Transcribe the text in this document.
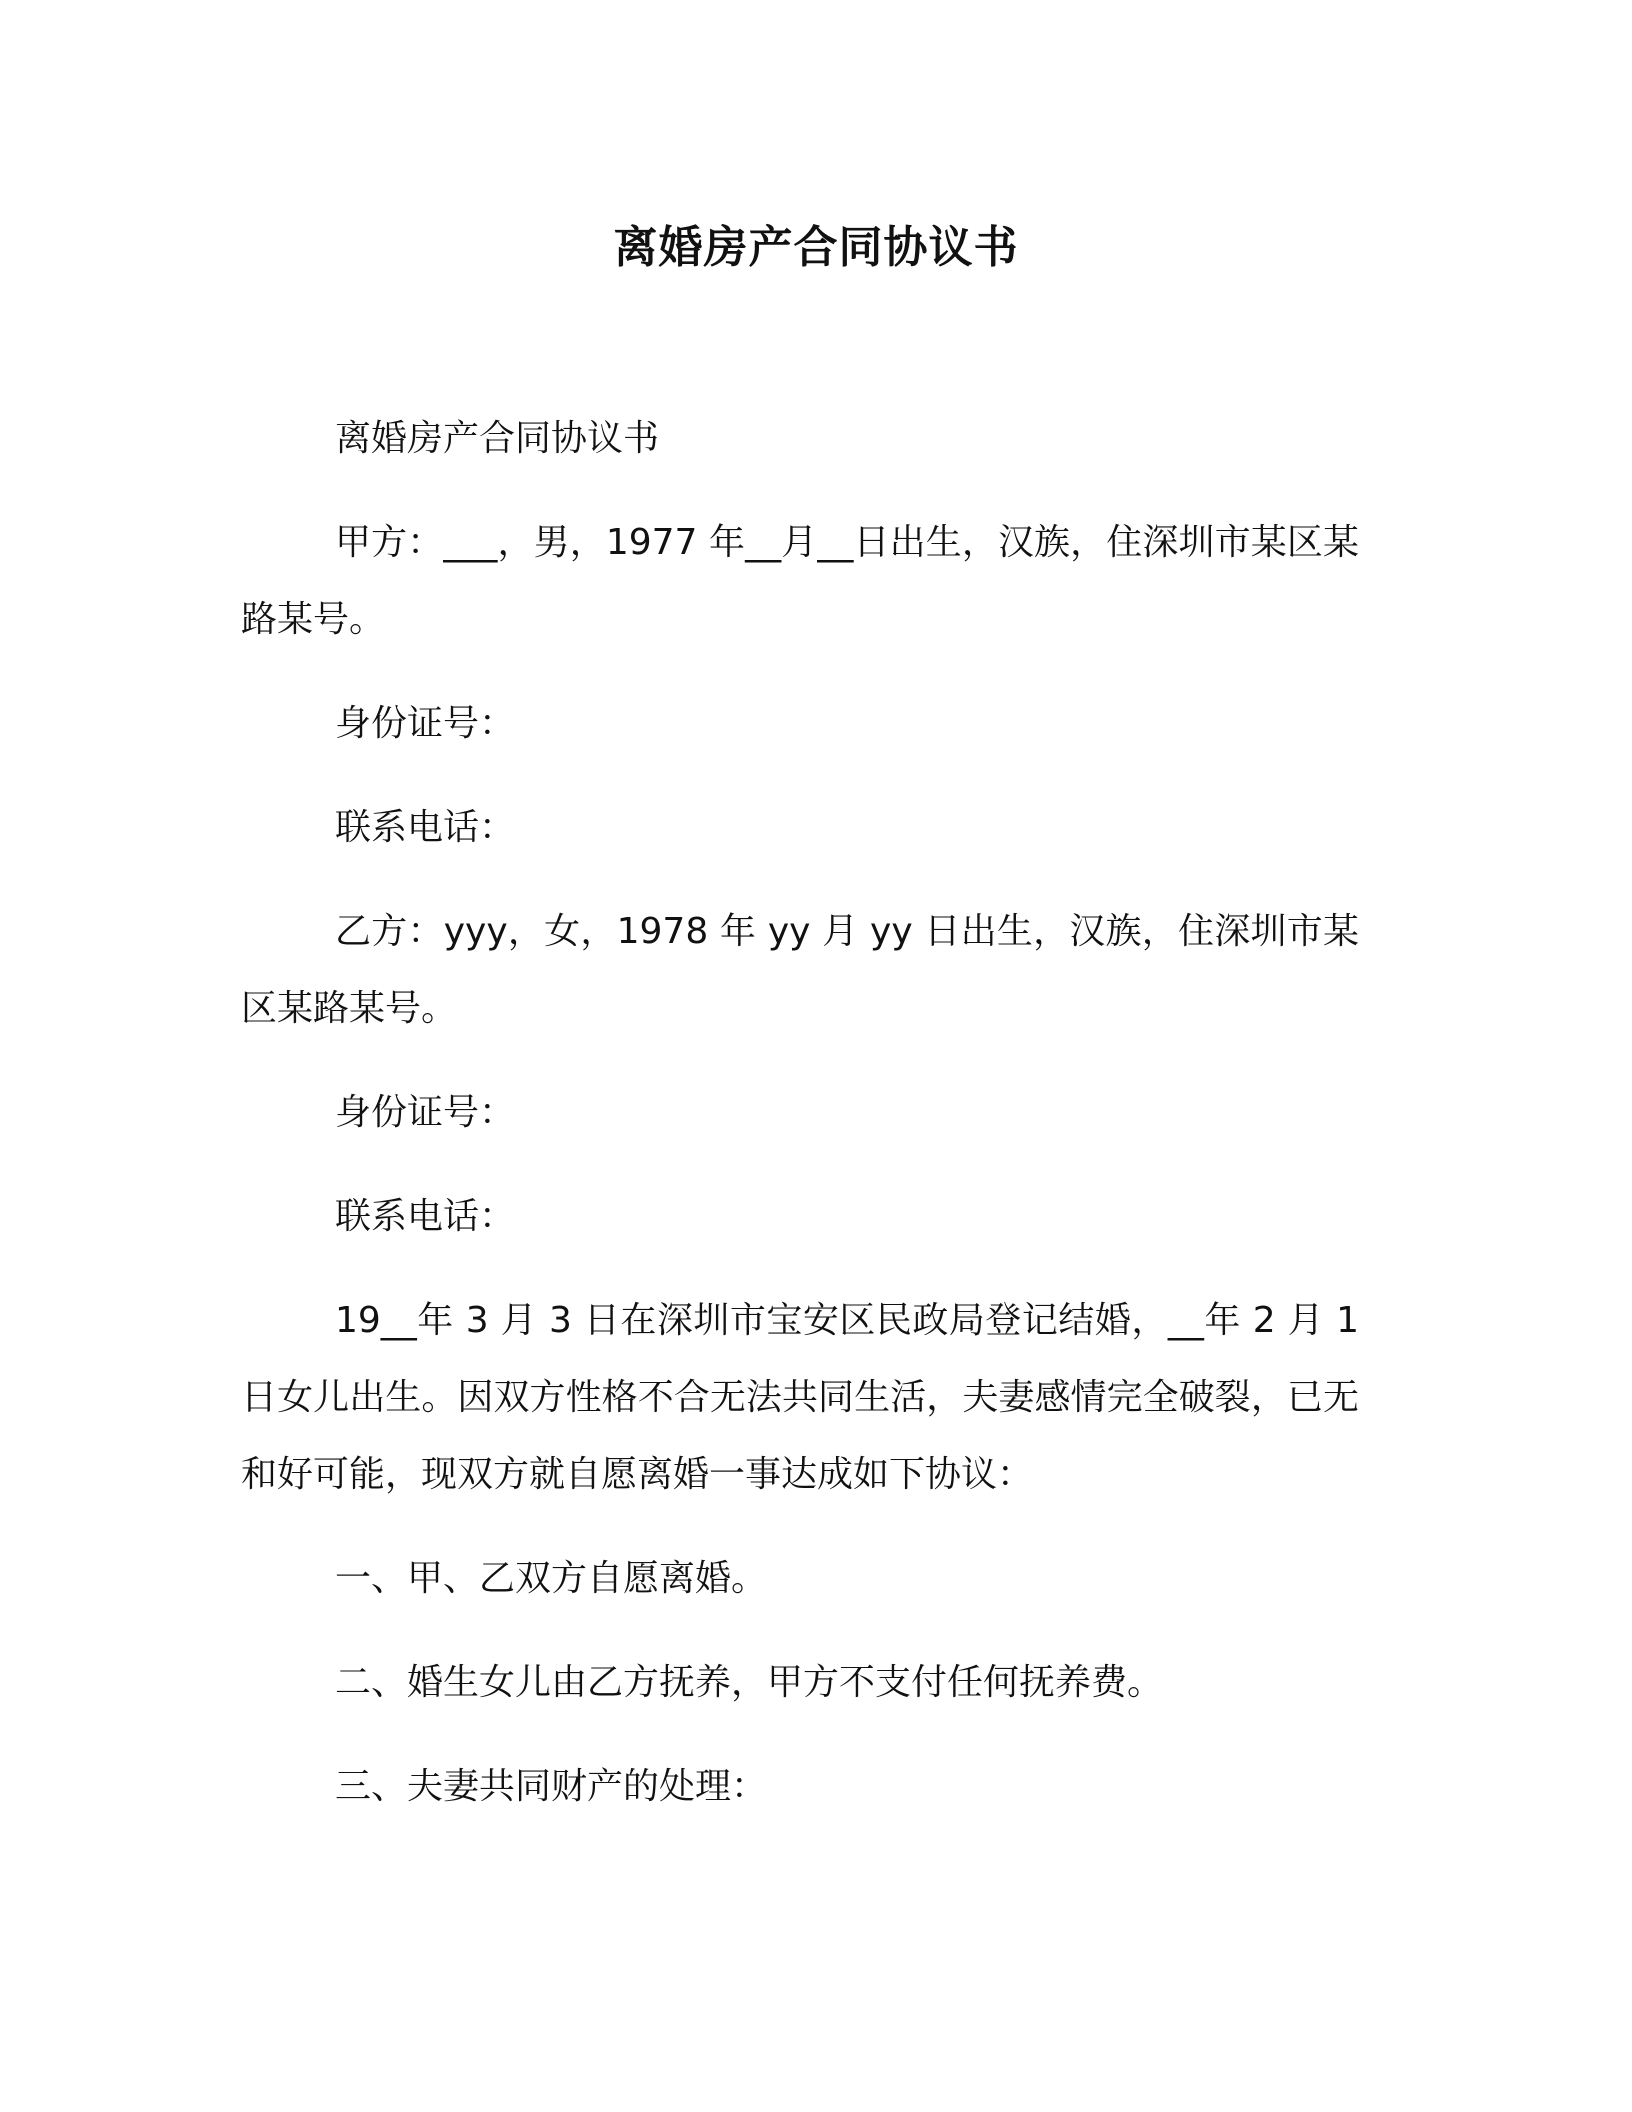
离婚房产合同协议书

离婚房产合同协议书

甲方：___，男，1977 年__月__日出生，汉族，住深圳市某区某路某号。

身份证号：

联系电话：

乙方：yyy，女，1978 年 yy 月 yy 日出生，汉族，住深圳市某区某路某号。

身份证号：

联系电话：

19__年 3 月 3 日在深圳市宝安区民政局登记结婚，__年 2 月 1 日女儿出生。因双方性格不合无法共同生活，夫妻感情完全破裂，已无和好可能，现双方就自愿离婚一事达成如下协议：

一、甲、乙双方自愿离婚。

二、婚生女儿由乙方抚养，甲方不支付任何抚养费。

三、夫妻共同财产的处理：
